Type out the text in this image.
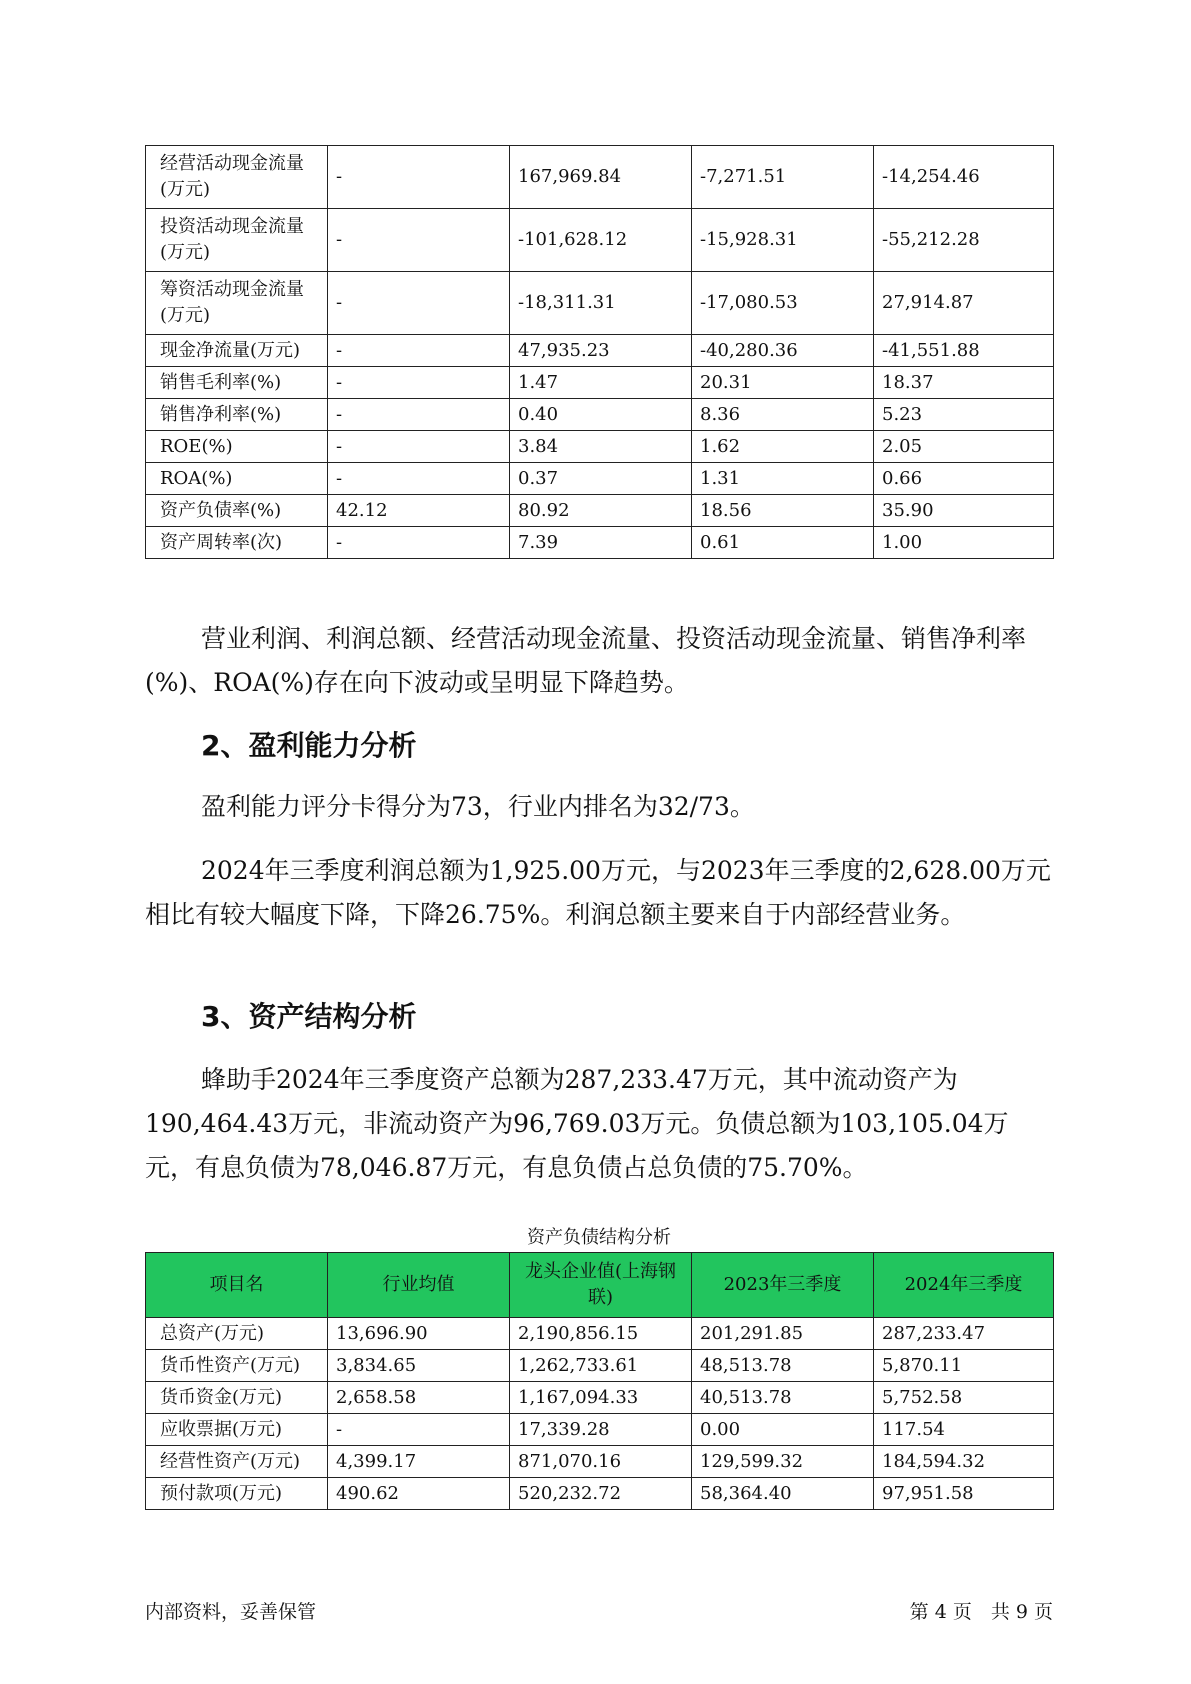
经营活动现金流量(万元)	-	167,969.84	-7,271.51	-14,254.46
投资活动现金流量(万元)	-	-101,628.12	-15,928.31	-55,212.28
筹资活动现金流量(万元)	-	-18,311.31	-17,080.53	27,914.87
现金净流量(万元)	-	47,935.23	-40,280.36	-41,551.88
销售毛利率(%)	-	1.47	20.31	18.37
销售净利率(%)	-	0.40	8.36	5.23
ROE(%)	-	3.84	1.62	2.05
ROA(%)	-	0.37	1.31	0.66
资产负债率(%)	42.12	80.92	18.56	35.90
资产周转率(次)	-	7.39	0.61	1.00

营业利润、利润总额、经营活动现金流量、投资活动现金流量、销售净利率(%)、ROA(%)存在向下波动或呈明显下降趋势。

2、盈利能力分析

盈利能力评分卡得分为73，行业内排名为32/73。

2024年三季度利润总额为1,925.00万元，与2023年三季度的2,628.00万元相比有较大幅度下降，下降26.75%。利润总额主要来自于内部经营业务。

3、资产结构分析

蜂助手2024年三季度资产总额为287,233.47万元，其中流动资产为190,464.43万元，非流动资产为96,769.03万元。负债总额为103,105.04万元，有息负债为78,046.87万元，有息负债占总负债的75.70%。

资产负债结构分析
项目名	行业均值	龙头企业值(上海钢联)	2023年三季度	2024年三季度
总资产(万元)	13,696.90	2,190,856.15	201,291.85	287,233.47
货币性资产(万元)	3,834.65	1,262,733.61	48,513.78	5,870.11
货币资金(万元)	2,658.58	1,167,094.33	40,513.78	5,752.58
应收票据(万元)	-	17,339.28	0.00	117.54
经营性资产(万元)	4,399.17	871,070.16	129,599.32	184,594.32
预付款项(万元)	490.62	520,232.72	58,364.40	97,951.58
内部资料，妥善保管	第 4 页　共 9 页
